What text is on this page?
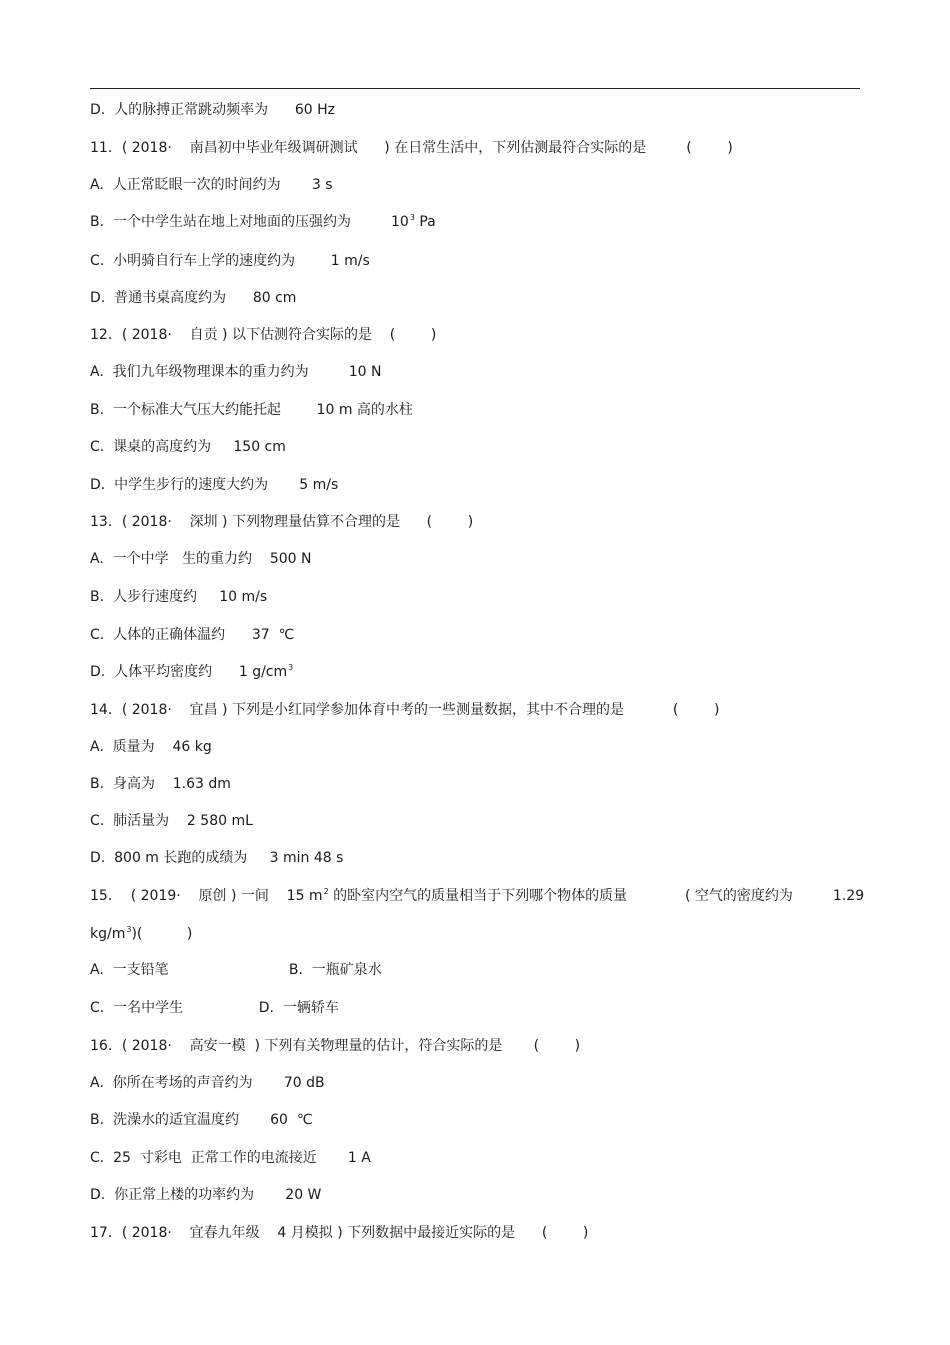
D.  人的脉搏正常跳动频率为      60 Hz
11．( 2018·    南昌初中毕业年级调研测试      ) 在日常生活中，下列估测最符合实际的是         (        )
A.  人正常眨眼一次的时间约为       3 s
B.  一个中学生站在地上对地面的压强约为         $10^3$ Pa
C.  小明骑自行车上学的速度约为        1 m/s
D.  普通书桌高度约为      80 cm
12．( 2018·    自贡 ) 以下估测符合实际的是    (        )
A.  我们九年级物理课本的重力约为         10 N
B.  一个标准大气压大约能托起        10 m 高的水柱
C.  课桌的高度约为     150 cm
D.  中学生步行的速度大约为       5 m/s
13．( 2018·    深圳 ) 下列物理量估算不合理的是      (        )
A.  一个中学   生的重力约    500 N
B.  人步行速度约     10 m/s
C.  人体的正确体温约      37  ℃
D.  人体平均密度约      1 $g/cm^3$
14．( 2018·    宜昌 ) 下列是小红同学参加体育中考的一些测量数据，其中不合理的是           (        )
A.  质量为    46 kg
B.  身高为    1.63 dm
C.  肺活量为    2 580 mL
D.  800 m 长跑的成绩为     3 min 48 s
15．  ( 2019·    原创 ) 一间    15 $m^2$ 的卧室内空气的质量相当于下列哪个物体的质量             ( 空气的密度约为         1.29
$kg/m^3$)(          )
A.  一支铅笔                           B.  一瓶矿泉水
C.  一名中学生                 D.  一辆轿车
16．( 2018·    高安一模  ) 下列有关物理量的估计，符合实际的是       (        )
A.  你所在考场的声音约为       70 dB
B.  洗澡水的适宜温度约       60  ℃
C.  25  寸彩电  正常工作的电流接近       1 A
D.  你正常上楼的功率约为       20 W
17．( 2018·    宜春九年级    4 月模拟 ) 下列数据中最接近实际的是      (        )
